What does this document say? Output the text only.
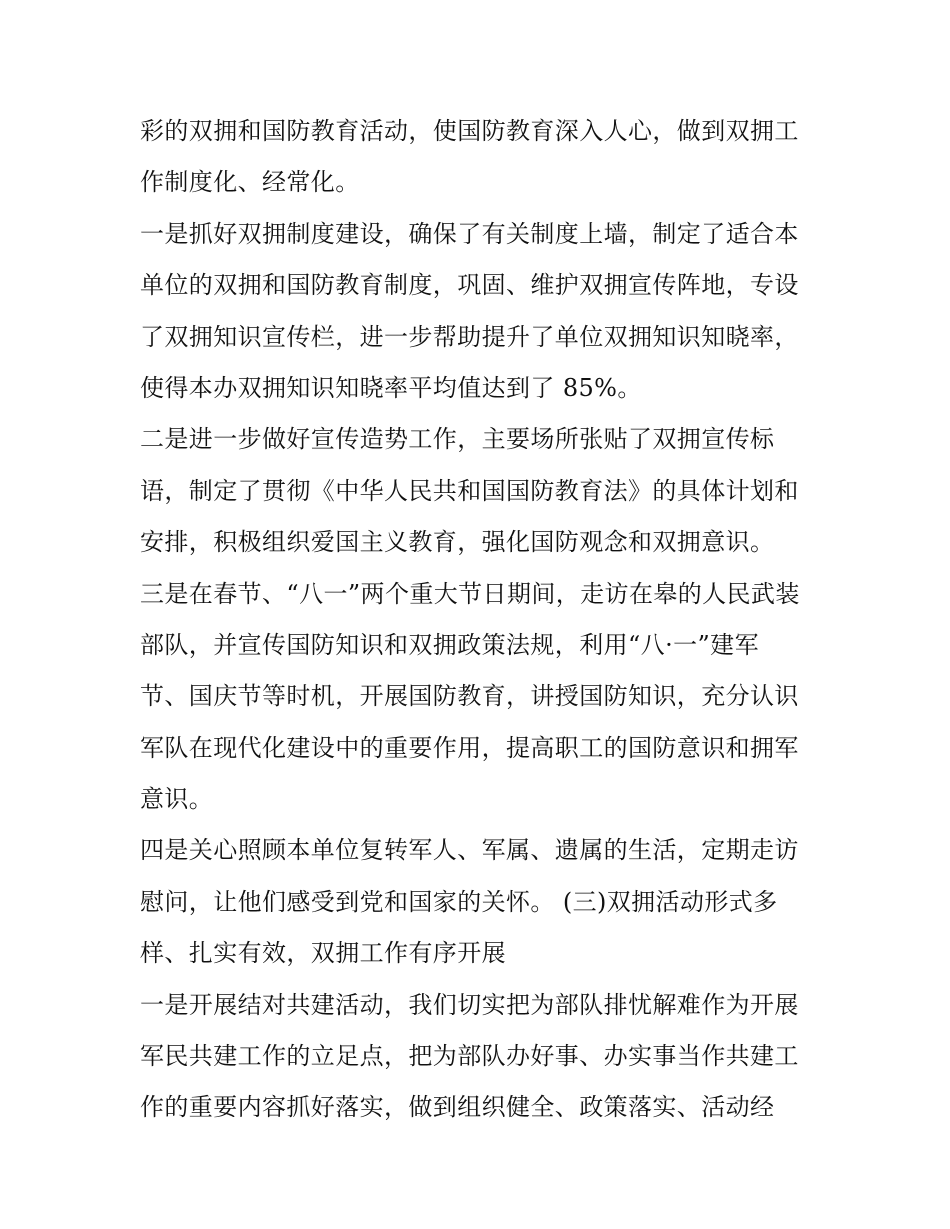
彩的双拥和国防教育活动，使国防教育深入人心，做到双拥工
作制度化、经常化。
一是抓好双拥制度建设，确保了有关制度上墙，制定了适合本
单位的双拥和国防教育制度，巩固、维护双拥宣传阵地，专设
了双拥知识宣传栏，进一步帮助提升了单位双拥知识知晓率，
使得本办双拥知识知晓率平均值达到了 85%。
二是进一步做好宣传造势工作，主要场所张贴了双拥宣传标
语，制定了贯彻《中华人民共和国国防教育法》的具体计划和
安排，积极组织爱国主义教育，强化国防观念和双拥意识。
三是在春节、“八一”两个重大节日期间，走访在皋的人民武装
部队，并宣传国防知识和双拥政策法规，利用“八·一”建军
节、国庆节等时机，开展国防教育，讲授国防知识，充分认识
军队在现代化建设中的重要作用，提高职工的国防意识和拥军
意识。
四是关心照顾本单位复转军人、军属、遗属的生活，定期走访
慰问，让他们感受到党和国家的关怀。 (三)双拥活动形式多
样、扎实有效，双拥工作有序开展
一是开展结对共建活动，我们切实把为部队排忧解难作为开展
军民共建工作的立足点，把为部队办好事、办实事当作共建工
作的重要内容抓好落实，做到组织健全、政策落实、活动经
